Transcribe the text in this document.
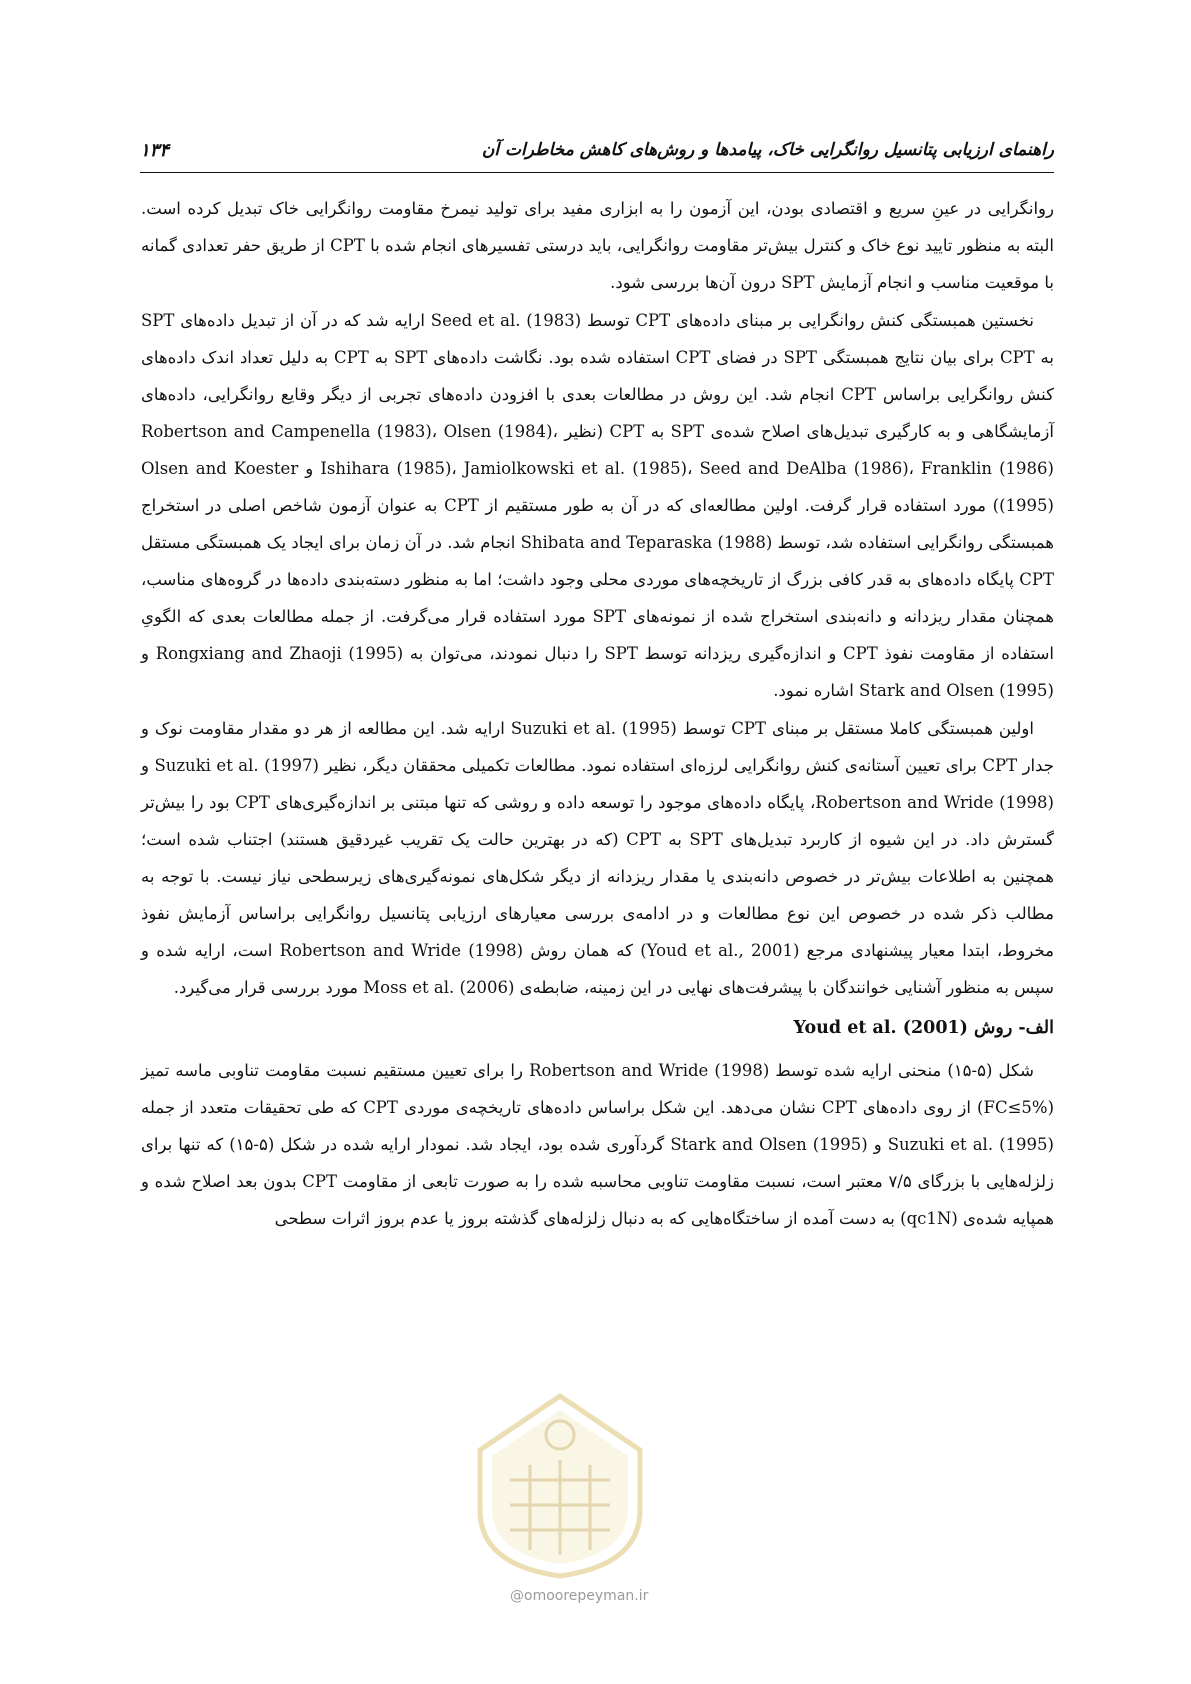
۱۳۴	راهنمای ارزیابی پتانسیل روانگرایی خاک، پیامدها و روش‌های کاهش مخاطرات آن

روانگرایی در عینِ سریع و اقتصادی بودن، این آزمون را به ابزاری مفید برای تولید نیمرخ مقاومت روانگرایی خاک تبدیل کرده است. البته به منظور تایید نوع خاک و کنترل بیش‌تر مقاومت روانگرایی، باید درستی تفسیرهای انجام شده با CPT از طریق حفر تعدادی گمانه با موقعیت مناسب و انجام آزمایش SPT درون آن‌ها بررسی شود.

نخستین همبستگی کنش روانگرایی بر مبنای داده‌های CPT توسط Seed et al. (1983) ارایه شد که در آن از تبدیل داده‌های SPT به CPT برای بیان نتایج همبستگی SPT در فضای CPT استفاده شده بود. نگاشت داده‌های SPT به CPT به دلیل تعداد اندک داده‌های کنش روانگرایی براساس CPT انجام شد. این روش در مطالعات بعدی با افزودن داده‌های تجربی از دیگر وقایع روانگرایی، داده‌های آزمایشگاهی و به کارگیری تبدیل‌های اصلاح شده‌ی SPT به CPT (نظیر Robertson and Campenella (1983)، Olsen (1984)، Ishihara (1985)، Jamiolkowski et al. (1985)، Seed and DeAlba (1986)، Franklin (1986) و Olsen and Koester (1995)) مورد استفاده قرار گرفت. اولین مطالعه‌ای که در آن به طور مستقیم از CPT به عنوان آزمون شاخص اصلی در استخراج همبستگی روانگرایی استفاده شد، توسط Shibata and Teparaska (1988) انجام شد. در آن زمان برای ایجاد یک همبستگی مستقل CPT پایگاه داده‌های به قدر کافی بزرگ از تاریخچه‌های موردی محلی وجود داشت؛ اما به منظور دسته‌بندی داده‌ها در گروه‌های مناسب، همچنان مقدار ریزدانه و دانه‌بندی استخراج شده از نمونه‌های SPT مورد استفاده قرار می‌گرفت. از جمله مطالعات بعدی که الگویِ استفاده از مقاومت نفوذ CPT و اندازه‌گیری ریزدانه توسط SPT را دنبال نمودند، می‌توان به Rongxiang and Zhaoji (1995) و Stark and Olsen (1995) اشاره نمود.

اولین همبستگی کاملا مستقل بر مبنای CPT توسط Suzuki et al. (1995) ارایه شد. این مطالعه از هر دو مقدار مقاومت نوک و جدار CPT برای تعیین آستانه‌ی کنش روانگرایی لرزه‌ای استفاده نمود. مطالعات تکمیلی محققان دیگر، نظیر Suzuki et al. (1997) و Robertson and Wride (1998)، پایگاه داده‌های موجود را توسعه داده و روشی که تنها مبتنی بر اندازه‌گیری‌های CPT بود را بیش‌تر گسترش داد. در این شیوه از کاربرد تبدیل‌های SPT به CPT (که در بهترین حالت یک تقریب غیردقیق هستند) اجتناب شده است؛ همچنین به اطلاعات بیش‌تر در خصوص دانه‌بندی یا مقدار ریزدانه از دیگر شکل‌های نمونه‌گیری‌های زیرسطحی نیاز نیست. با توجه به مطالب ذکر شده در خصوص این نوع مطالعات و در ادامه‌ی بررسی معیارهای ارزیابی پتانسیل روانگرایی براساس آزمایش نفوذ مخروط، ابتدا معیار پیشنهادی مرجع (Youd et al., 2001) که همان روش Robertson and Wride (1998) است، ارایه شده و سپس به منظور آشنایی خوانندگان با پیشرفت‌های نهایی در این زمینه، ضابطه‌ی Moss et al. (2006) مورد بررسی قرار می‌گیرد.

الف- روش Youd et al. (2001)

شکل (۵-۱۵) منحنی ارایه شده توسط Robertson and Wride (1998) را برای تعیین مستقیم نسبت مقاومت تناوبی ماسه تمیز (FC≤5%) از روی داده‌های CPT نشان می‌دهد. این شکل براساس داده‌های تاریخچه‌ی موردی CPT که طی تحقیقات متعدد از جمله Suzuki et al. (1995) و Stark and Olsen (1995) گردآوری شده بود، ایجاد شد. نمودار ارایه شده در شکل (۵-۱۵) که تنها برای زلزله‌هایی با بزرگای ۷/۵ معتبر است، نسبت مقاومت تناوبی محاسبه شده را به صورت تابعی از مقاومت CPT بدون بعد اصلاح شده و همپایه شده‌ی (qc1N) به دست آمده از ساختگاه‌هایی که به دنبال زلزله‌های گذشته بروز یا عدم بروز اثرات سطحی

@omoorepeyman.ir
